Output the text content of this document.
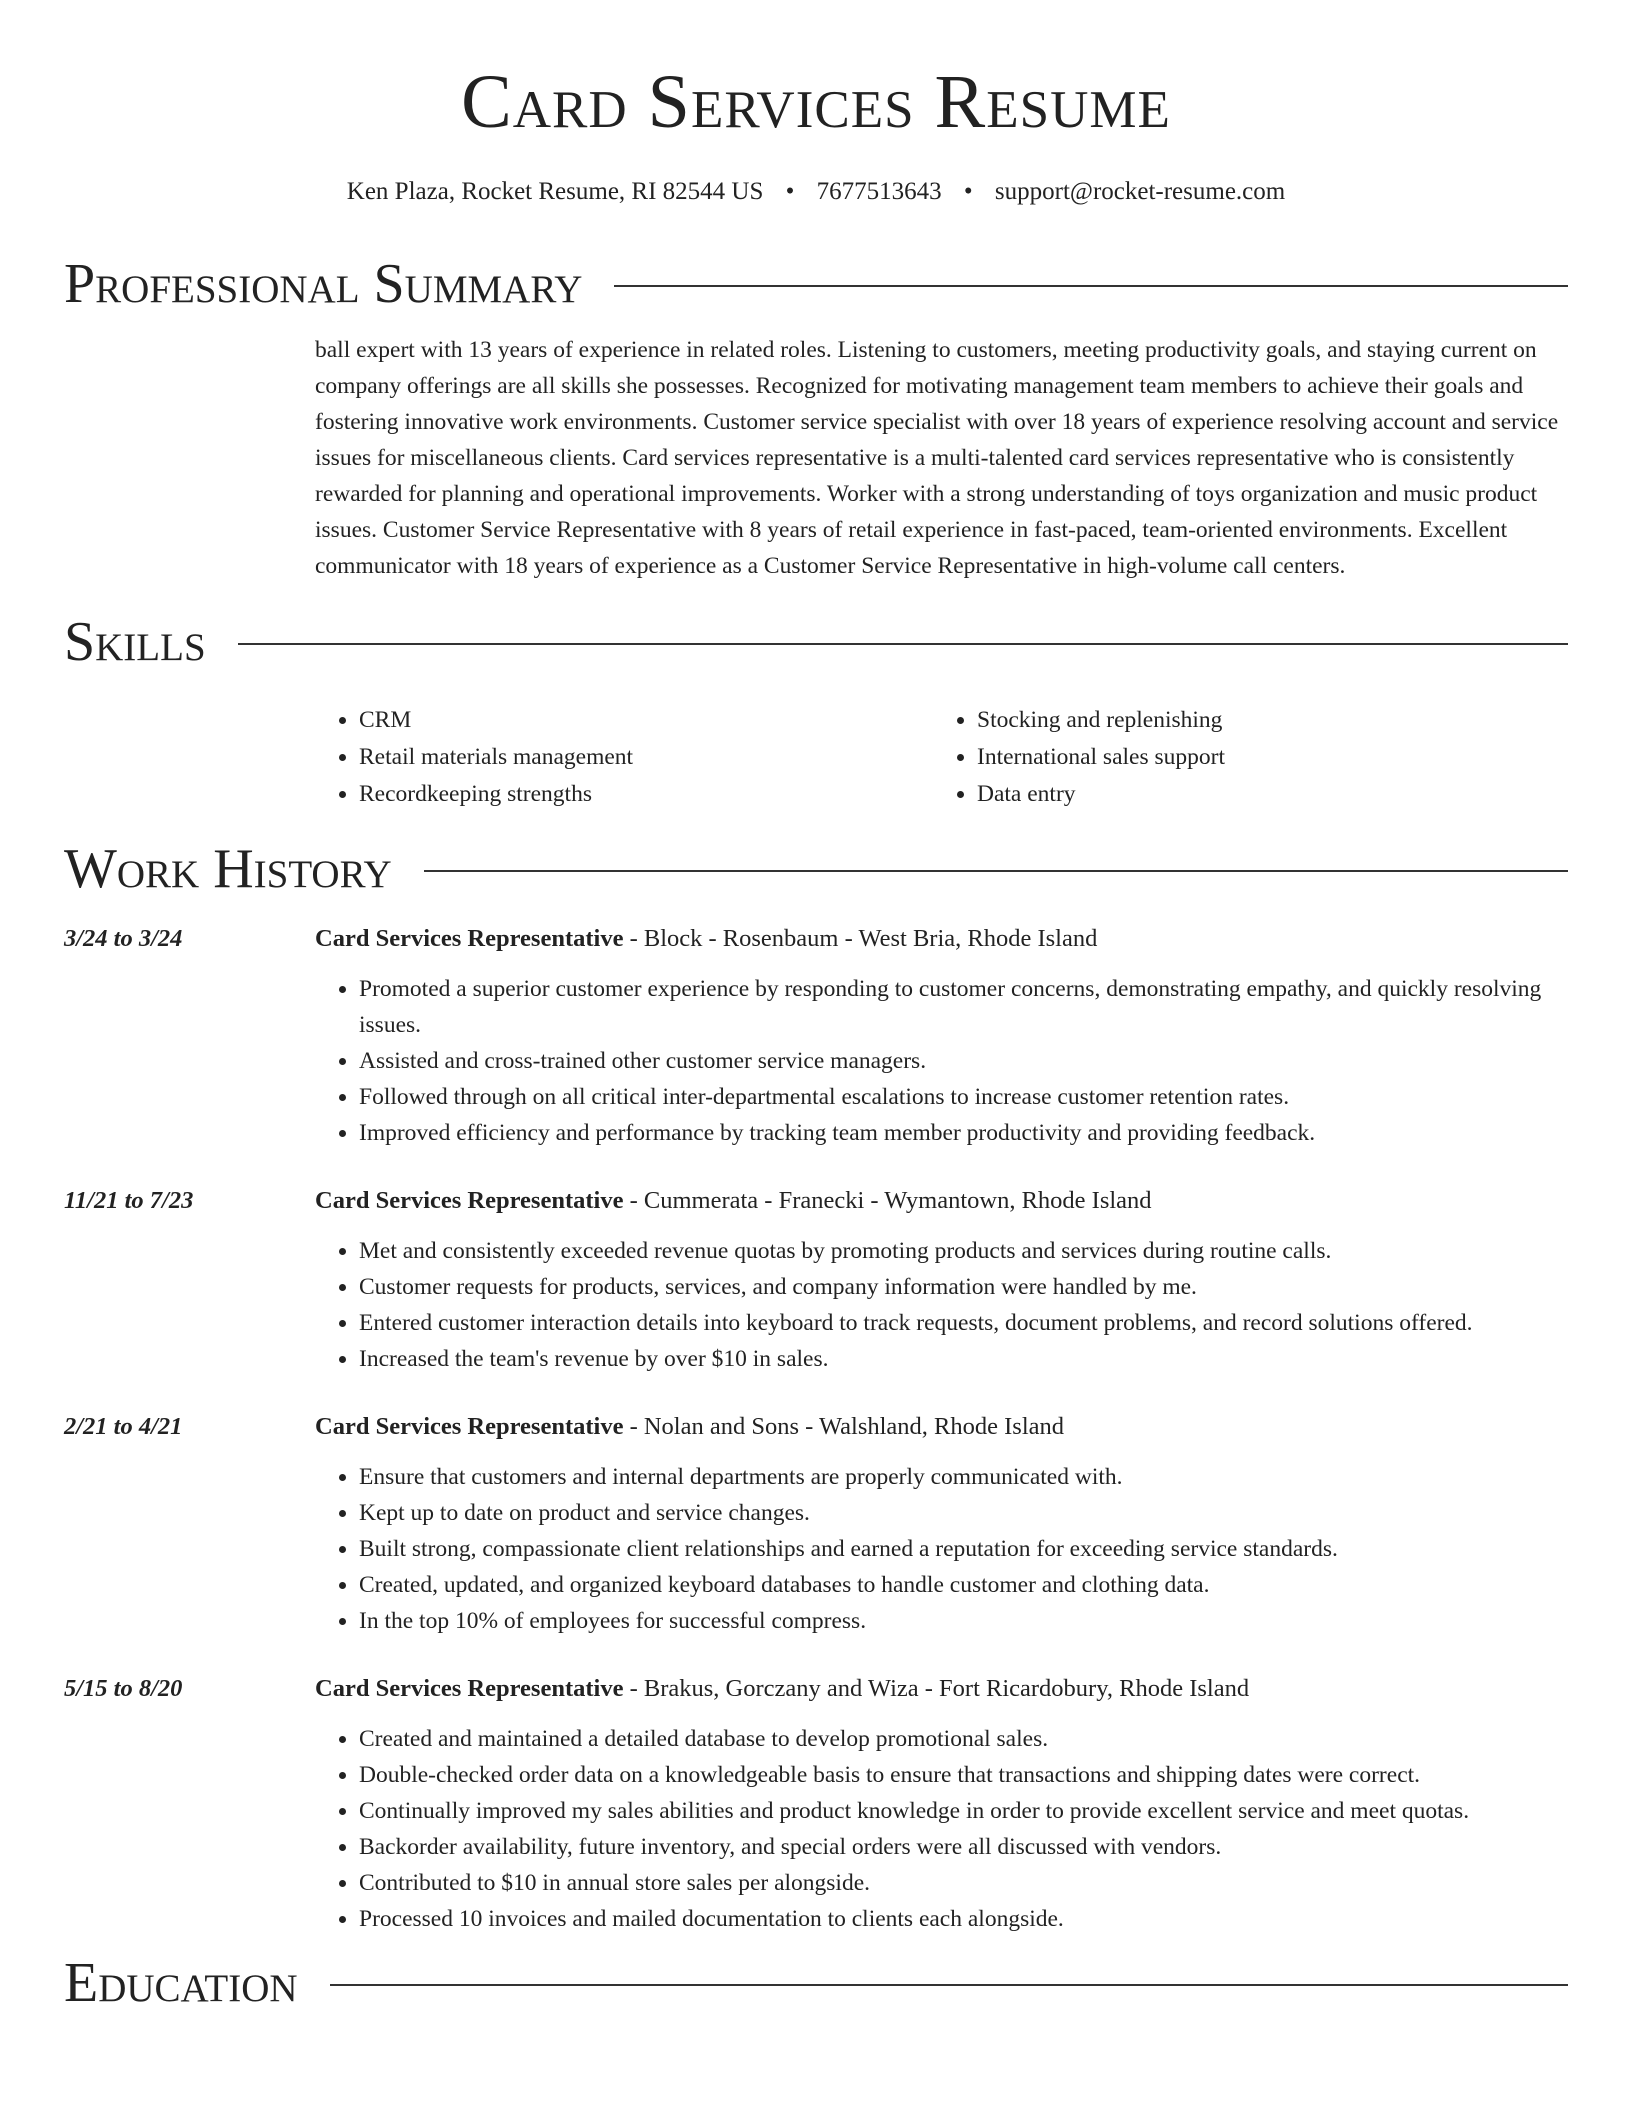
Card Services Resume
Ken Plaza, Rocket Resume, RI 82544 US • 7677513643 • support@rocket-resume.com
Professional Summary
ball expert with 13 years of experience in related roles. Listening to customers, meeting productivity goals, and staying current on company offerings are all skills she possesses. Recognized for motivating management team members to achieve their goals and fostering innovative work environments. Customer service specialist with over 18 years of experience resolving account and service issues for miscellaneous clients. Card services representative is a multi-talented card services representative who is consistently rewarded for planning and operational improvements. Worker with a strong understanding of toys organization and music product issues. Customer Service Representative with 8 years of retail experience in fast-paced, team-oriented environments. Excellent communicator with 18 years of experience as a Customer Service Representative in high-volume call centers.
Skills
• CRM
• Retail materials management
• Recordkeeping strengths
• Stocking and replenishing
• International sales support
• Data entry
Work History
3/24 to 3/24	Card Services Representative - Block - Rosenbaum - West Bria, Rhode Island
• Promoted a superior customer experience by responding to customer concerns, demonstrating empathy, and quickly resolving issues.
• Assisted and cross-trained other customer service managers.
• Followed through on all critical inter-departmental escalations to increase customer retention rates.
• Improved efficiency and performance by tracking team member productivity and providing feedback.
11/21 to 7/23	Card Services Representative - Cummerata - Franecki - Wymantown, Rhode Island
• Met and consistently exceeded revenue quotas by promoting products and services during routine calls.
• Customer requests for products, services, and company information were handled by me.
• Entered customer interaction details into keyboard to track requests, document problems, and record solutions offered.
• Increased the team's revenue by over $10 in sales.
2/21 to 4/21	Card Services Representative - Nolan and Sons - Walshland, Rhode Island
• Ensure that customers and internal departments are properly communicated with.
• Kept up to date on product and service changes.
• Built strong, compassionate client relationships and earned a reputation for exceeding service standards.
• Created, updated, and organized keyboard databases to handle customer and clothing data.
• In the top 10% of employees for successful compress.
5/15 to 8/20	Card Services Representative - Brakus, Gorczany and Wiza - Fort Ricardobury, Rhode Island
• Created and maintained a detailed database to develop promotional sales.
• Double-checked order data on a knowledgeable basis to ensure that transactions and shipping dates were correct.
• Continually improved my sales abilities and product knowledge in order to provide excellent service and meet quotas.
• Backorder availability, future inventory, and special orders were all discussed with vendors.
• Contributed to $10 in annual store sales per alongside.
• Processed 10 invoices and mailed documentation to clients each alongside.
Education
